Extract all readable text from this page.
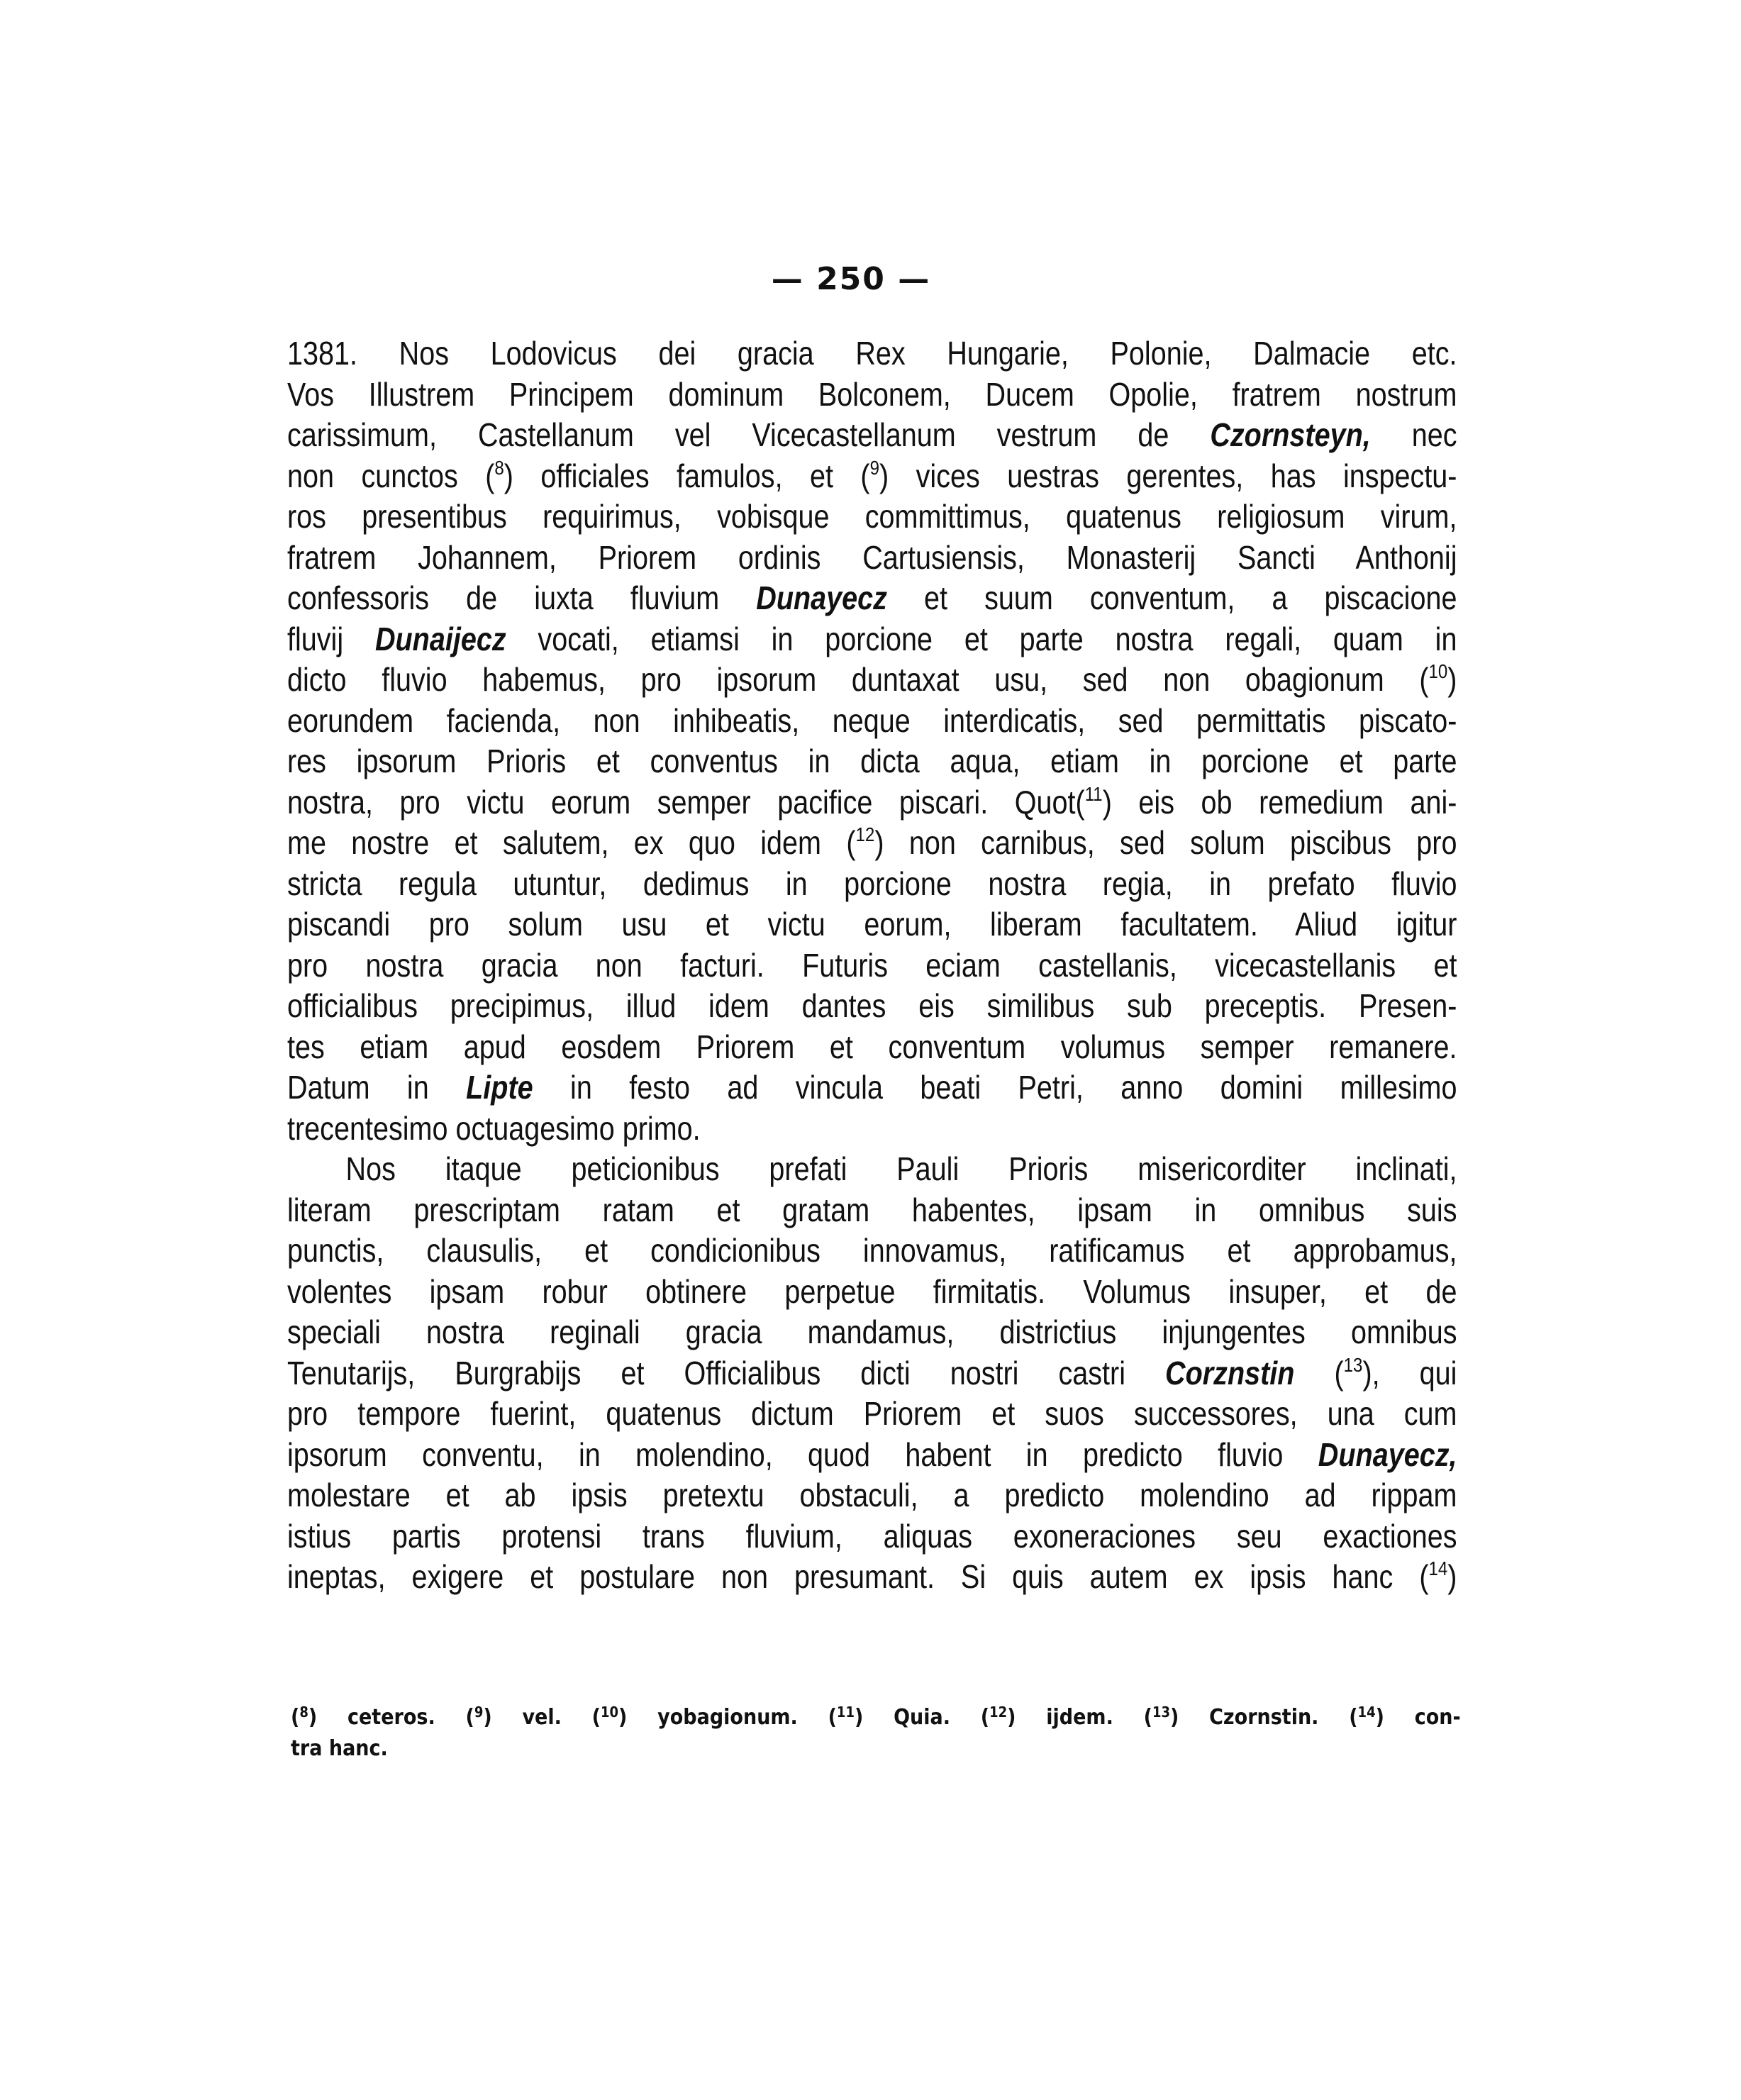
— 250 —
1381. Nos Lodovicus dei gracia Rex Hungarie, Polonie, Dalmacie etc.
Vos Illustrem Principem dominum Bolconem, Ducem Opolie, fratrem nostrum
carissimum, Castellanum vel Vicecastellanum vestrum de Czornsteyn, nec
non cunctos ($^8$) officiales famulos, et ($^9$) vices uestras gerentes, has inspectu-
ros presentibus requirimus, vobisque committimus, quatenus religiosum virum,
fratrem Johannem, Priorem ordinis Cartusiensis, Monasterij Sancti Anthonij
confessoris de iuxta fluvium Dunayecz et suum conventum, a piscacione
fluvij Dunaijecz vocati, etiamsi in porcione et parte nostra regali, quam in
dicto fluvio habemus, pro ipsorum duntaxat usu, sed non obagionum ($^{10}$)
eorundem facienda, non inhibeatis, neque interdicatis, sed permittatis piscato-
res ipsorum Prioris et conventus in dicta aqua, etiam in porcione et parte
nostra, pro victu eorum semper pacifice piscari. Quot($^{11}$) eis ob remedium ani-
me nostre et salutem, ex quo idem ($^{12}$) non carnibus, sed solum piscibus pro
stricta regula utuntur, dedimus in porcione nostra regia, in prefato fluvio
piscandi pro solum usu et victu eorum, liberam facultatem. Aliud igitur
pro nostra gracia non facturi. Futuris eciam castellanis, vicecastellanis et
officialibus precipimus, illud idem dantes eis similibus sub preceptis. Presen-
tes etiam apud eosdem Priorem et conventum volumus semper remanere.
Datum in Lipte in festo ad vincula beati Petri, anno domini millesimo
trecentesimo octuagesimo primo.
Nos itaque peticionibus prefati Pauli Prioris misericorditer inclinati,
literam prescriptam ratam et gratam habentes, ipsam in omnibus suis
punctis, clausulis, et condicionibus innovamus, ratificamus et approbamus,
volentes ipsam robur obtinere perpetue firmitatis. Volumus insuper, et de
speciali nostra reginali gracia mandamus, districtius injungentes omnibus
Tenutarijs, Burgrabijs et Officialibus dicti nostri castri Corznstin ($^{13}$), qui
pro tempore fuerint, quatenus dictum Priorem et suos successores, una cum
ipsorum conventu, in molendino, quod habent in predicto fluvio Dunayecz,
molestare et ab ipsis pretextu obstaculi, a predicto molendino ad rippam
istius partis protensi trans fluvium, aliquas exoneraciones seu exactiones
ineptas, exigere et postulare non presumant. Si quis autem ex ipsis hanc ($^{14}$)
($^8$) ceteros. ($^9$) vel. ($^{10}$) yobagionum. ($^{11}$) Quia. ($^{12}$) ijdem. ($^{13}$) Czornstin. ($^{14}$) con-
tra hanc.
